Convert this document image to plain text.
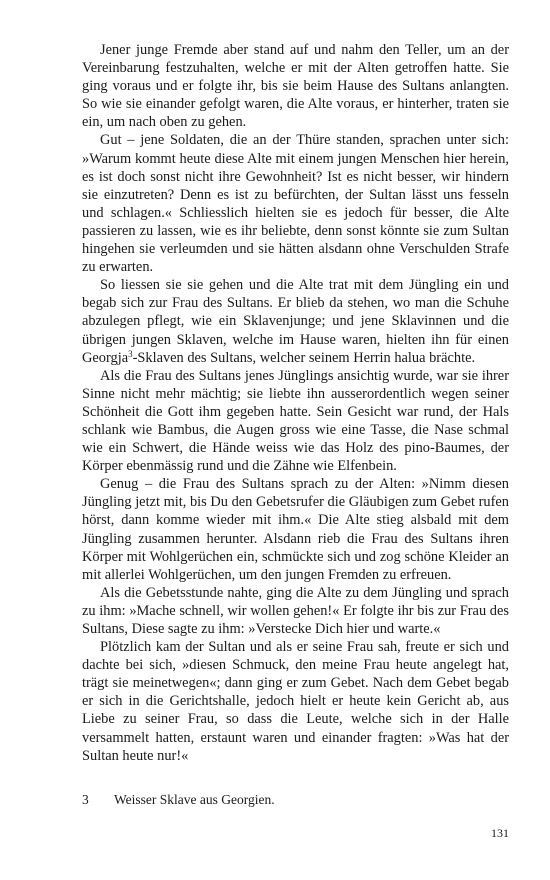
Jener junge Fremde aber stand auf und nahm den Teller, um an der Vereinbarung festzuhalten, welche er mit der Alten getroffen hatte. Sie ging voraus und er folgte ihr, bis sie beim Hause des Sultans anlangten. So wie sie einander gefolgt waren, die Alte voraus, er hinterher, traten sie ein, um nach oben zu gehen.

Gut – jene Soldaten, die an der Thüre standen, sprachen unter sich: »Warum kommt heute diese Alte mit einem jungen Menschen hier herein, es ist doch sonst nicht ihre Gewohnheit? Ist es nicht besser, wir hindern sie einzutreten? Denn es ist zu befürchten, der Sultan lässt uns fesseln und schlagen.« Schliesslich hielten sie es jedoch für besser, die Alte passieren zu lassen, wie es ihr beliebte, denn sonst könnte sie zum Sultan hingehen sie verleumden und sie hätten alsdann ohne Verschulden Strafe zu erwarten.

So liessen sie sie gehen und die Alte trat mit dem Jüngling ein und begab sich zur Frau des Sultans. Er blieb da stehen, wo man die Schuhe abzulegen pflegt, wie ein Sklavenjunge; und jene Sklavinnen und die übrigen jungen Sklaven, welche im Hause waren, hielten ihn für einen Georgja$^3$-Sklaven des Sultans, welcher seinem Herrin halua brächte.

Als die Frau des Sultans jenes Jünglings ansichtig wurde, war sie ihrer Sinne nicht mehr mächtig; sie liebte ihn ausserordentlich wegen seiner Schönheit die Gott ihm gegeben hatte. Sein Gesicht war rund, der Hals schlank wie Bambus, die Augen gross wie eine Tasse, die Nase schmal wie ein Schwert, die Hände weiss wie das Holz des pino-Baumes, der Körper ebenmässig rund und die Zähne wie Elfenbein.

Genug – die Frau des Sultans sprach zu der Alten: »Nimm diesen Jüngling jetzt mit, bis Du den Gebetsrufer die Gläubigen zum Gebet rufen hörst, dann komme wieder mit ihm.« Die Alte stieg alsbald mit dem Jüngling zusammen herunter. Alsdann rieb die Frau des Sultans ihren Körper mit Wohlgerüchen ein, schmückte sich und zog schöne Kleider an mit allerlei Wohlgerüchen, um den jungen Fremden zu erfreuen.

Als die Gebetsstunde nahte, ging die Alte zu dem Jüngling und sprach zu ihm: »Mache schnell, wir wollen gehen!« Er folgte ihr bis zur Frau des Sultans, Diese sagte zu ihm: »Verstecke Dich hier und warte.«

Plötzlich kam der Sultan und als er seine Frau sah, freute er sich und dachte bei sich, »diesen Schmuck, den meine Frau heute angelegt hat, trägt sie meinetwegen«; dann ging er zum Gebet. Nach dem Gebet begab er sich in die Gerichtshalle, jedoch hielt er heute kein Gericht ab, aus Liebe zu seiner Frau, so dass die Leute, welche sich in der Halle versammelt hatten, erstaunt waren und einander fragten: »Was hat der Sultan heute nur!«

3	Weisser Sklave aus Georgien.
131
